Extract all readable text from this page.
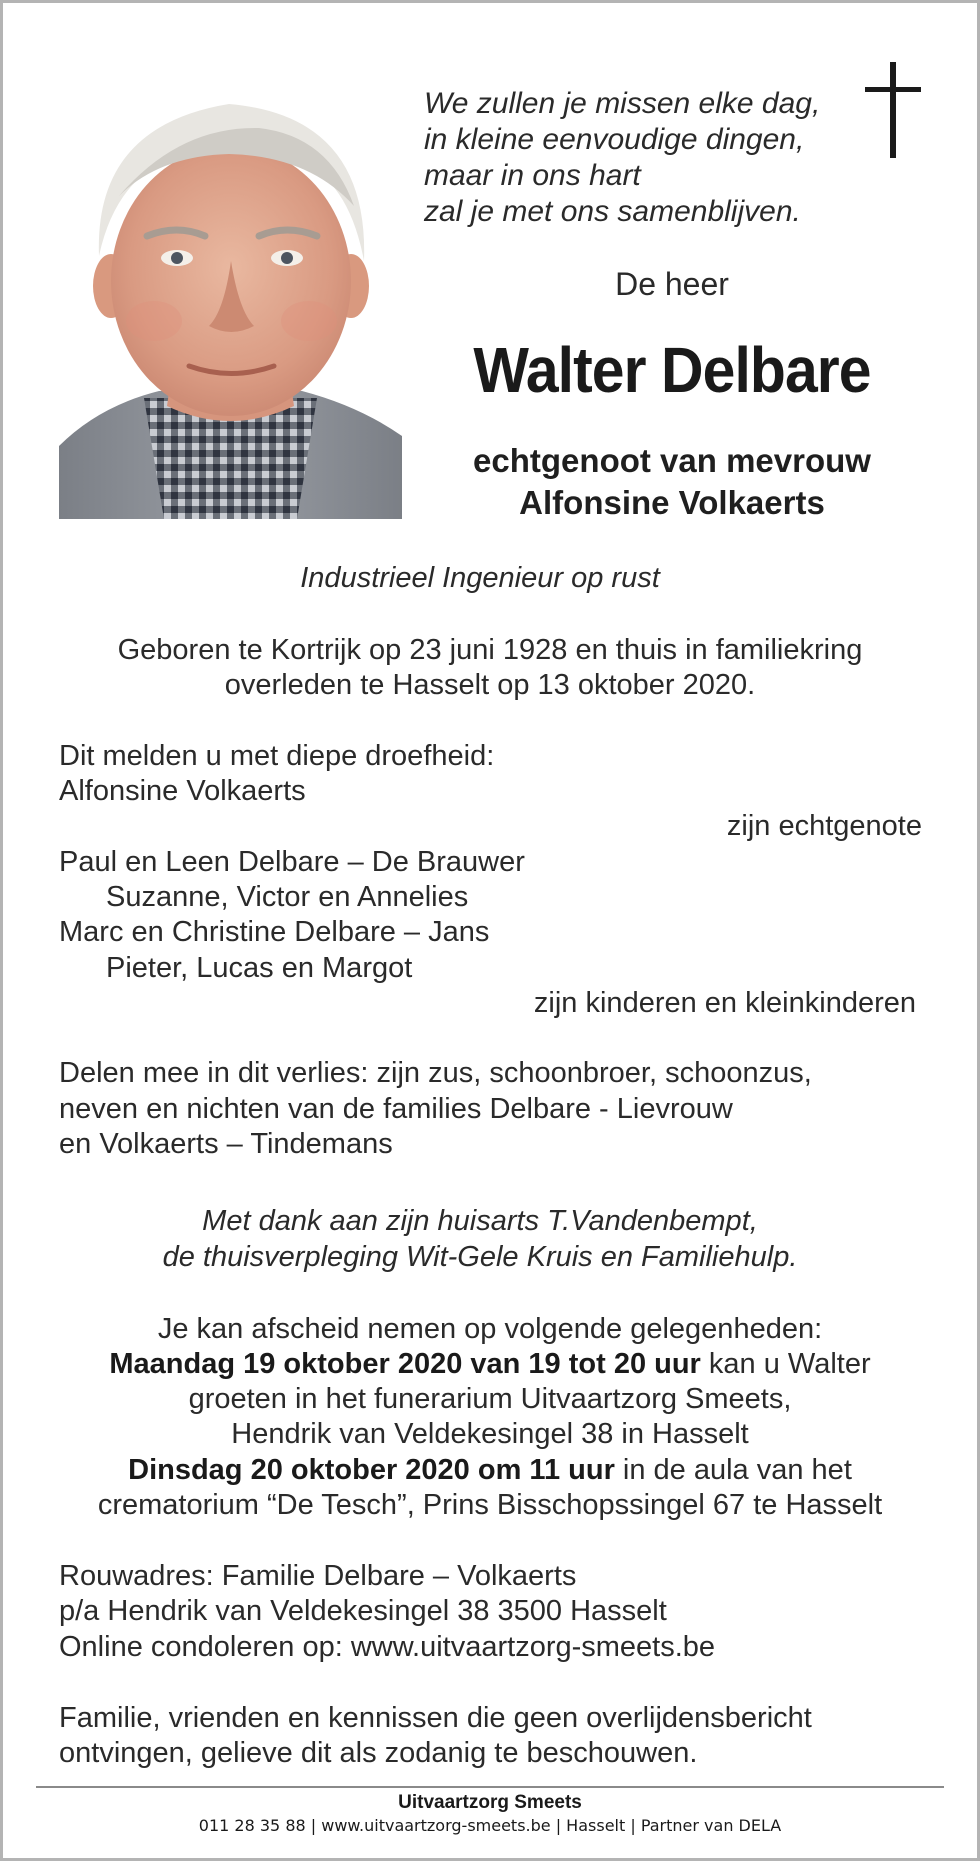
We zullen je missen elke dag,
in kleine eenvoudige dingen,
maar in ons hart
zal je met ons samenblijven.
De heer
Walter Delbare
echtgenoot van mevrouw
Alfonsine Volkaerts
Industrieel Ingenieur op rust
Geboren te Kortrijk op 23 juni 1928 en thuis in familiekring
overleden te Hasselt op 13 oktober 2020.
Dit melden u met diepe droefheid:
Alfonsine Volkaerts
zijn echtgenote
Paul en Leen Delbare – De Brauwer
Suzanne, Victor en Annelies
Marc en Christine Delbare – Jans
Pieter, Lucas en Margot
zijn kinderen en kleinkinderen
Delen mee in dit verlies: zijn zus, schoonbroer, schoonzus,
neven en nichten van de families Delbare - Lievrouw
en Volkaerts – Tindemans
Met dank aan zijn huisarts T.Vandenbempt,
de thuisverpleging Wit-Gele Kruis en Familiehulp.
Je kan afscheid nemen op volgende gelegenheden:
Maandag 19 oktober 2020 van 19 tot 20 uur kan u Walter
groeten in het funerarium Uitvaartzorg Smeets,
Hendrik van Veldekesingel 38 in Hasselt
Dinsdag 20 oktober 2020 om 11 uur in de aula van het
crematorium “De Tesch”, Prins Bisschopssingel 67 te Hasselt
Rouwadres: Familie Delbare – Volkaerts
p/a Hendrik van Veldekesingel 38 3500 Hasselt
Online condoleren op: www.uitvaartzorg-smeets.be
Familie, vrienden en kennissen die geen overlijdensbericht
ontvingen, gelieve dit als zodanig te beschouwen.
Uitvaartzorg Smeets
011 28 35 88 | www.uitvaartzorg-smeets.be | Hasselt | Partner van DELA
